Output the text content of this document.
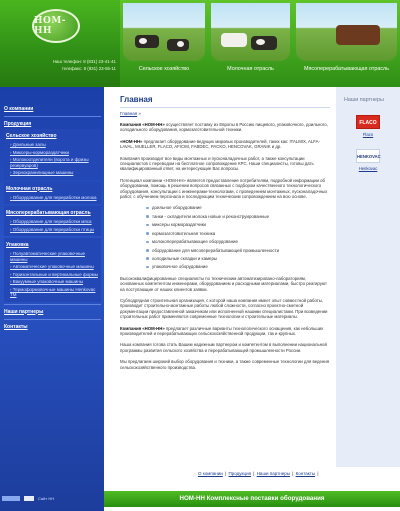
НОМ-НН
Наш телефон: 8 (831) 23-41-41
телефакс: 8 (831) 23-55-11	Сельское хозяйство	Молочная отрасль	Мясоперерабатывающая отрасль
О компании
Продукция
Сельское хозяйство
› Доильные залы
› Миксеры-кормораздатчики
› Молокоотделители (ворота и фризы резервуаров)
› Зернохранилищные машины
Молочная отрасль
› Оборудование для переработки молока
Мясоперерабатывающая отрасль
› Оборудование для переработки мяса
› Оборудование для переработки птицы
Упаковка
› Полуавтоматические упаковочные машины
› Автоматические упаковочные машины
› Горизонтальные и вертикальные формы
› Вакуумные упаковочные машины
› Термоформовочные машины Henkovac TM
Наши партнеры
Контакты
Сайт НН
Главная
Главная »

Компания «НОМ-НН» осуществляет поставку из Европы в Россию пищевого, упаковочного, доильного, холодильного оборудования, кормозаготовительной техники.

«НОМ-НН» предлагает оборудование ведущих мировых производителей, таких как: ITALMIX, ALFA-LAVAL, MUELLER, FLACO, AFICIM, FABDEC, PACKO, HENCOVAK, GRANIK и др.

Компания производит все виды монтажных и пусконаладочных работ, а также консультации специалистов с переводом на бесплатное сопровождение КРС. Наши специалисты, готовы дать квалифицированный ответ, на интересующие Вас вопросы.

Потенциал компании «НОМ-НН» является предоставление потребителям, подробной информации об оборудовании, помощь в решении вопросов связанных с подбором качественного технологического оборудования, консультации с инженерами-технологами, с проведением монтажных, пусконаладочных работ, с обучением персонала и последующим техническим сопровождением на всю основе.

доильное оборудование
танки - охладители молока новые и реконструированные
миксеры кормораздатчики
кормозаготовительная техника
молокоперерабатывающее оборудование
оборудование для мясоперерабатывающей промышленности
холодильные складки и камеры
упаковочное оборудование

Высококвалифицированные специалисты по техническим автоматизировано-лабораториям, основанных компетентом инженерами, оборудованием и расходными материалами, быстро реагируют на поступающие от наших клиентов заявки.

Субподрядная строительная организация, с которой наша компания имеет опыт совместной работы, производит строительно-монтажные работы любой сложности, согласно проектно-сметной документации предоставленной заказчиком или исполненной нашими специалистами. При возведении строительных работ применяются современные технологии и строительные материалы.

Компания «НОМ-НН» предлагает различные варианты технологического оснащения, как небольших производителей и перерабатывающих сельскохозяйственной продукции, так и крупных.

Наша компания готова стать Вашим надежным партнером и компетентом в выполнении национальной программы развития сельского хозяйства и перерабатывающей промышленности России.

Мы предлагаем широкий выбор оборудования и техники, а также современные технологии для ведения сельскохозяйственного производства.

Наши партнеры
FLACO
Flaco
HENKOVAC
Henkovac
О компании | Продукция | Наши партнеры | Контакты |
НОМ-НН Комплексные поставки оборудования
